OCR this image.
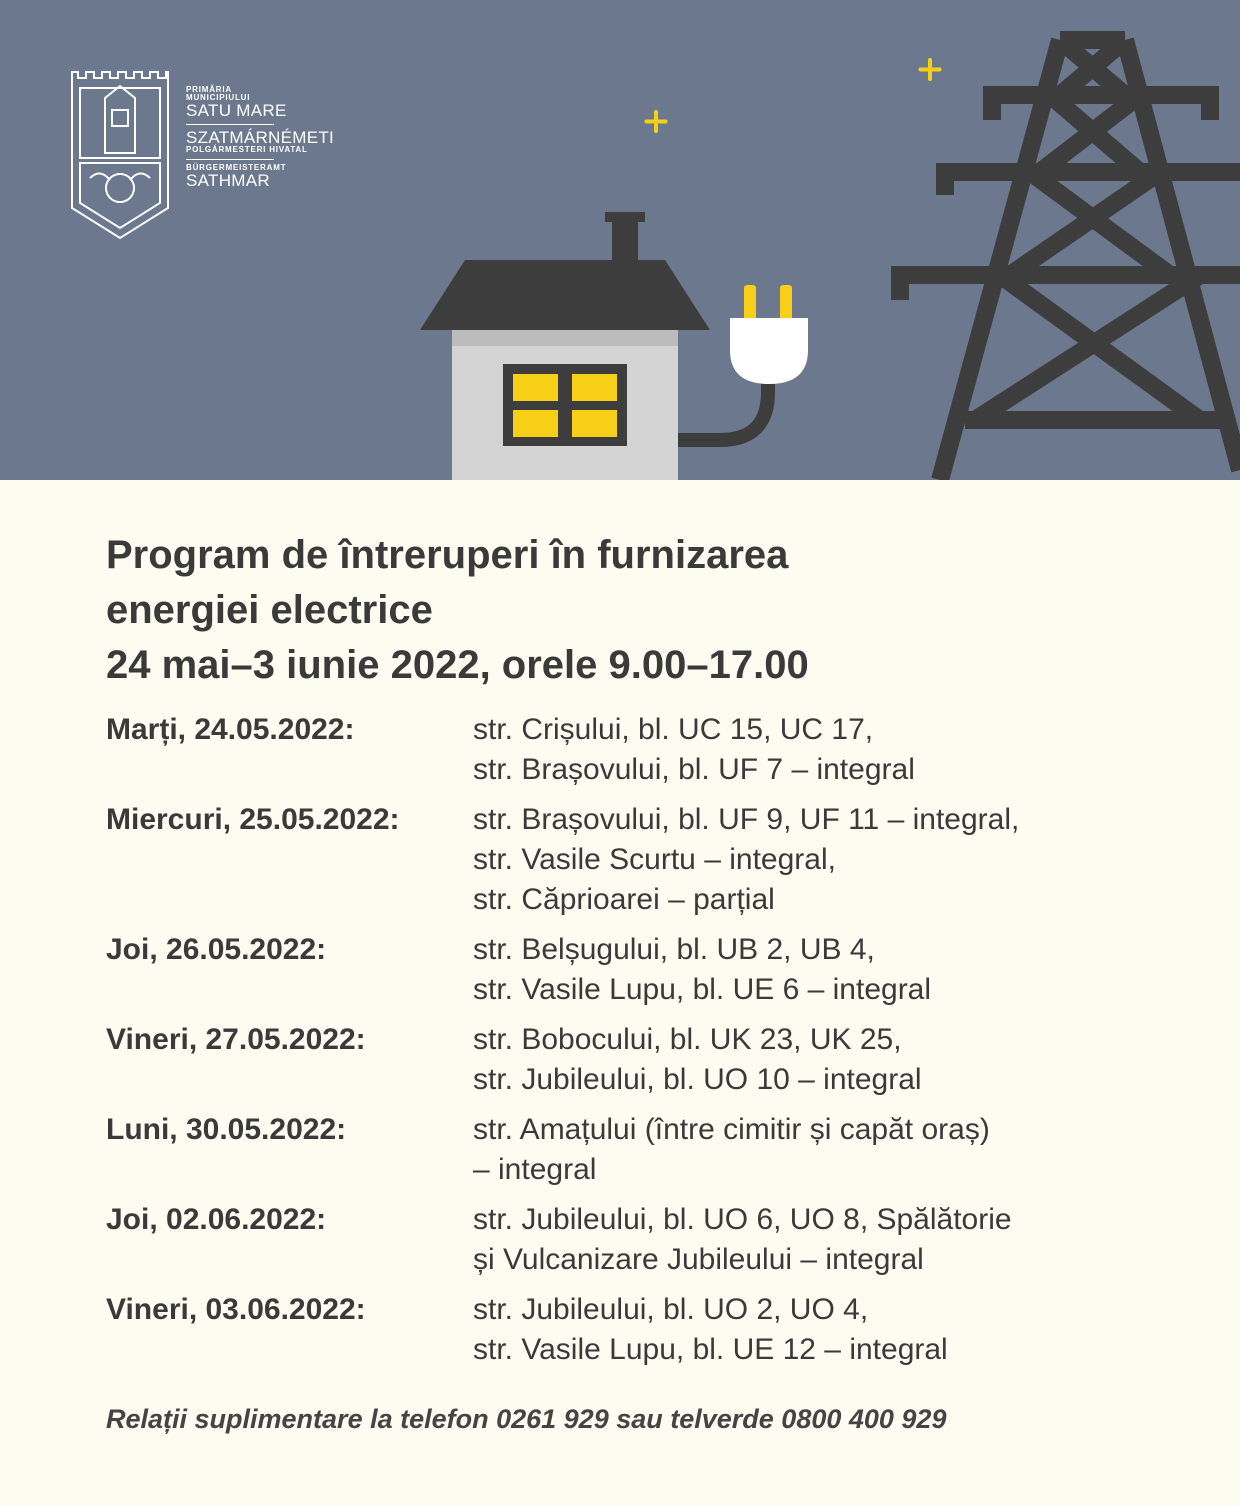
PRIMĂRIA
MUNICIPIULUI
SATU MARE
SZATMÁRNÉMETI
POLGÁRMESTERI HIVATAL
BÜRGERMEISTERAMT
SATHMAR
Program de întreruperi în furnizarea
energiei electrice
24 mai–3 iunie 2022, orele 9.00–17.00
Marți, 24.05.2022:	str. Crișului, bl. UC 15, UC 17,
str. Brașovului, bl. UF 7 – integral
Miercuri, 25.05.2022:	str. Brașovului, bl. UF 9, UF 11 – integral,
str. Vasile Scurtu – integral,
str. Căprioarei – parțial
Joi, 26.05.2022:	str. Belșugului, bl. UB 2, UB 4,
str. Vasile Lupu, bl. UE 6 – integral
Vineri, 27.05.2022:	str. Bobocului, bl. UK 23, UK 25,
str. Jubileului, bl. UO 10 – integral
Luni, 30.05.2022:	str. Amațului (între cimitir și capăt oraș)
– integral
Joi, 02.06.2022:	str. Jubileului, bl. UO 6, UO 8, Spălătorie
și Vulcanizare Jubileului – integral
Vineri, 03.06.2022:	str. Jubileului, bl. UO 2, UO 4,
str. Vasile Lupu, bl. UE 12 – integral
Relații suplimentare la telefon 0261 929 sau telverde 0800 400 929
